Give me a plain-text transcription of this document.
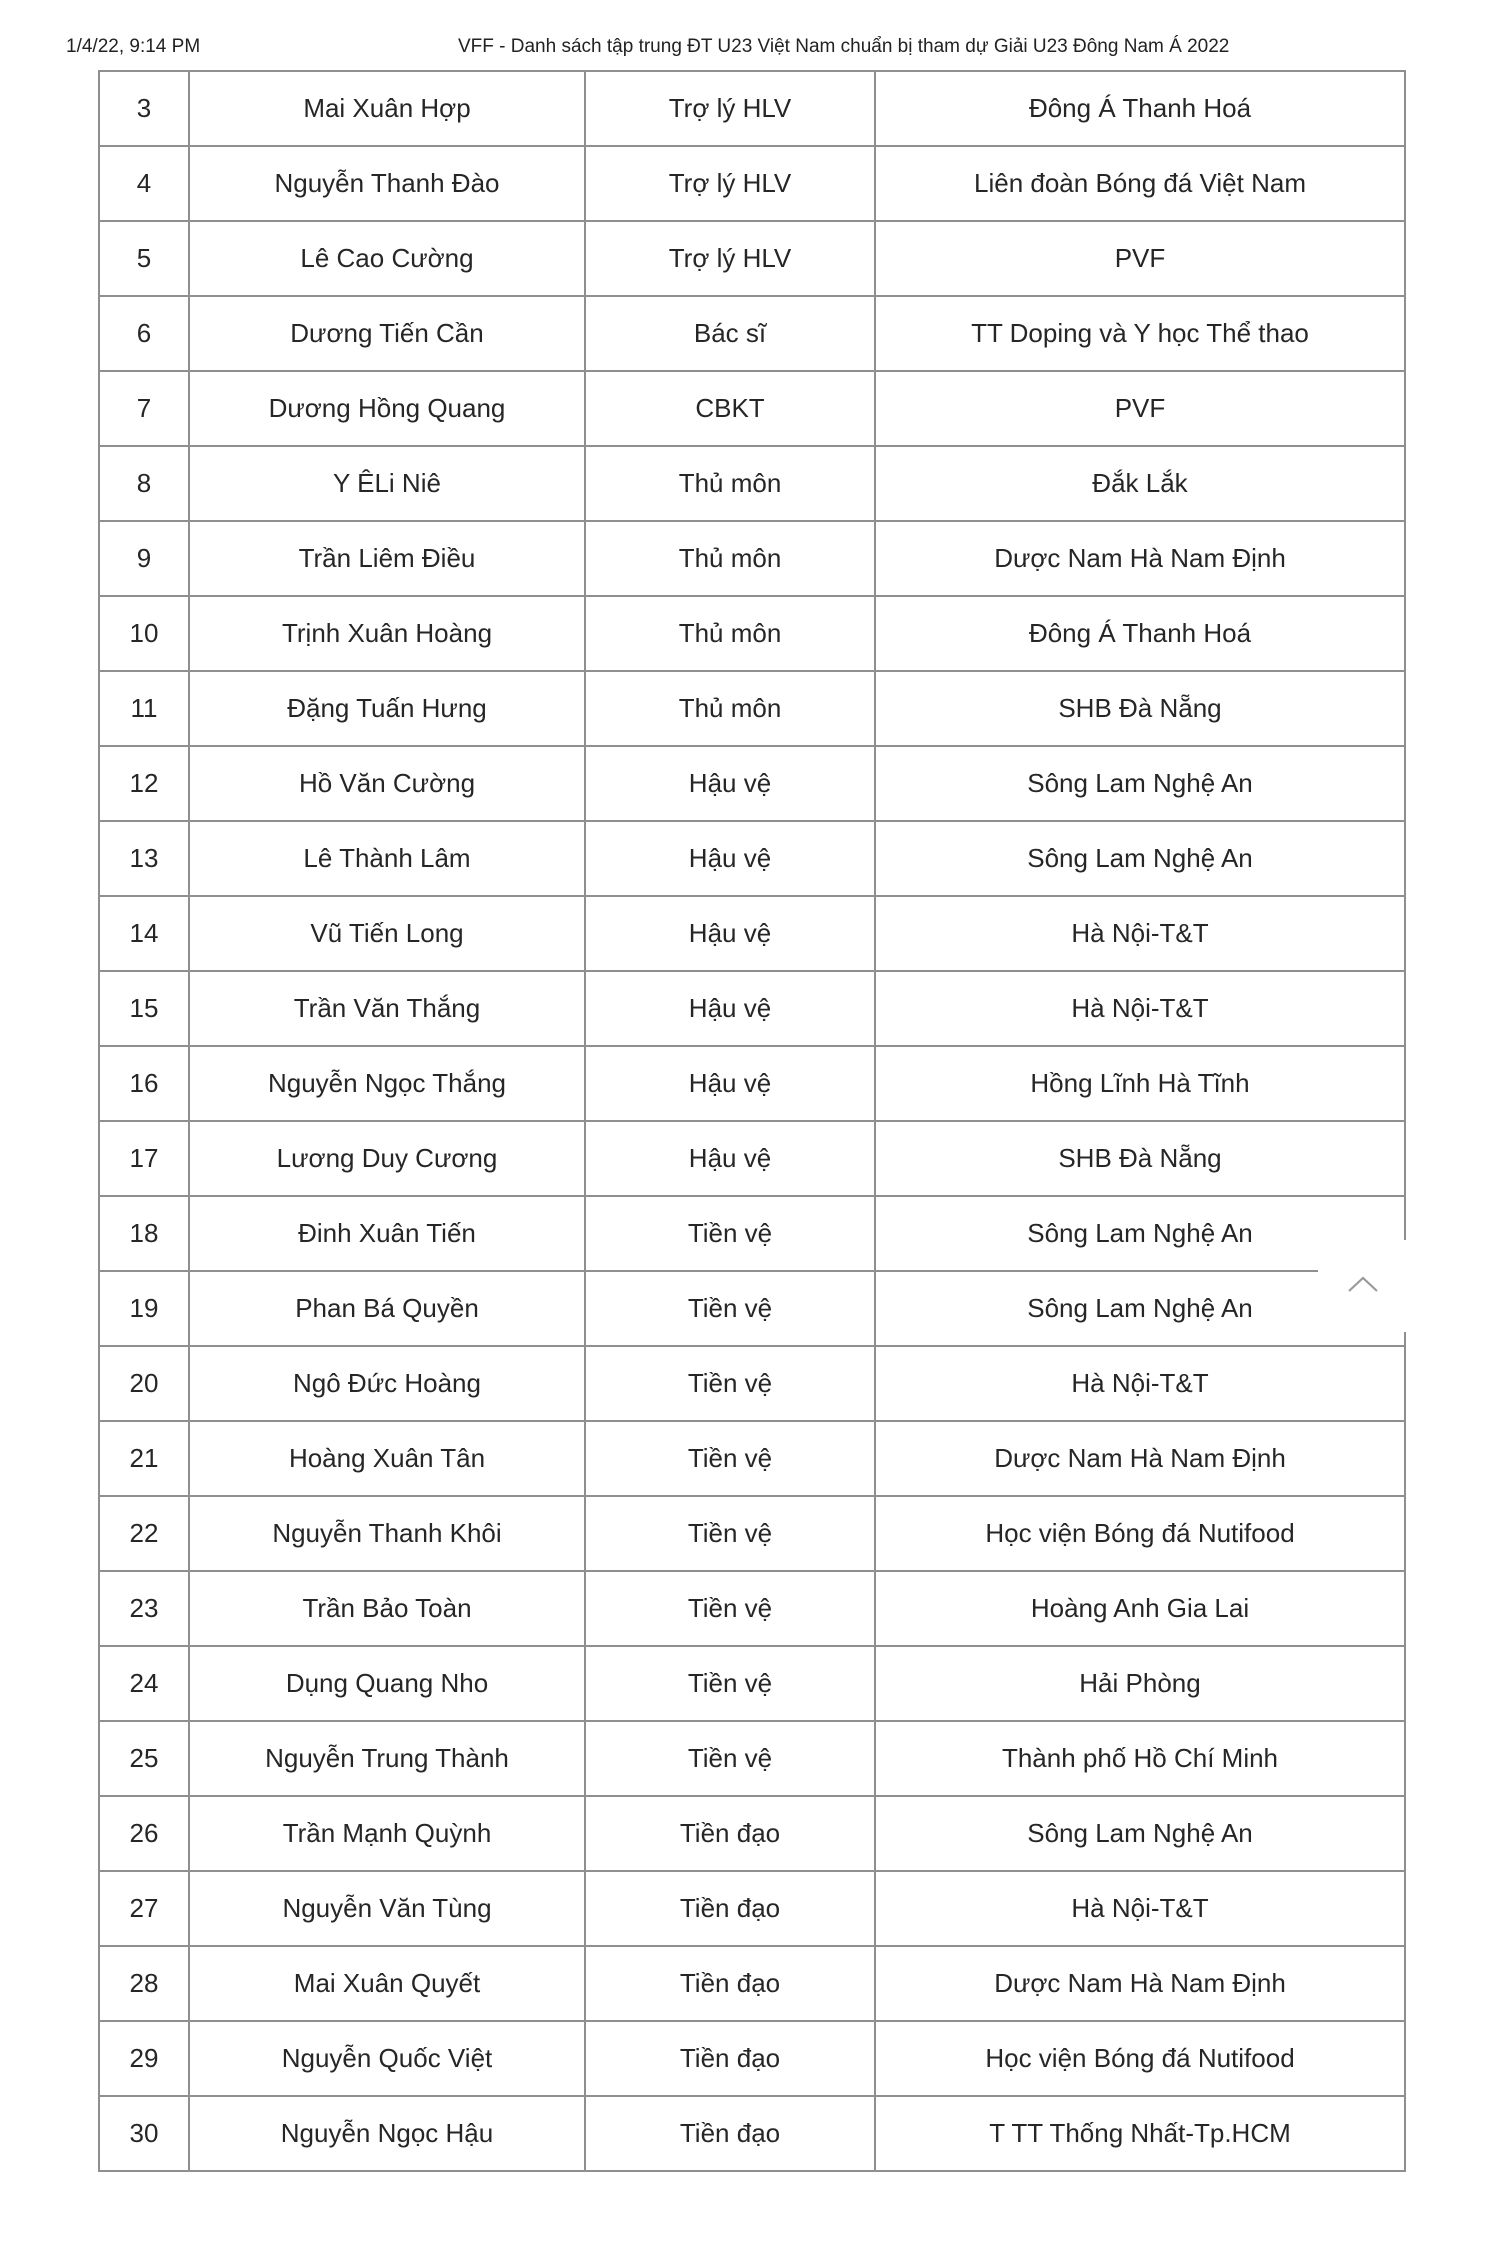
1/4/22, 9:14 PM	VFF - Danh sách tập trung ĐT U23 Việt Nam chuẩn bị tham dự Giải U23 Đông Nam Á 2022
3	Mai Xuân Hợp	Trợ lý HLV	Đông Á Thanh Hoá
4	Nguyễn Thanh Đào	Trợ lý HLV	Liên đoàn Bóng đá Việt Nam
5	Lê Cao Cường	Trợ lý HLV	PVF
6	Dương Tiến Cần	Bác sĩ	TT Doping và Y học Thể thao
7	Dương Hồng Quang	CBKT	PVF
8	Y ÊLi Niê	Thủ môn	Đắk Lắk
9	Trần Liêm Điều	Thủ môn	Dược Nam Hà Nam Định
10	Trịnh Xuân Hoàng	Thủ môn	Đông Á Thanh Hoá
11	Đặng Tuấn Hưng	Thủ môn	SHB Đà Nẵng
12	Hồ Văn Cường	Hậu vệ	Sông Lam Nghệ An
13	Lê Thành Lâm	Hậu vệ	Sông Lam Nghệ An
14	Vũ Tiến Long	Hậu vệ	Hà Nội-T&T
15	Trần Văn Thắng	Hậu vệ	Hà Nội-T&T
16	Nguyễn Ngọc Thắng	Hậu vệ	Hồng Lĩnh Hà Tĩnh
17	Lương Duy Cương	Hậu vệ	SHB Đà Nẵng
18	Đinh Xuân Tiến	Tiền vệ	Sông Lam Nghệ An
19	Phan Bá Quyền	Tiền vệ	Sông Lam Nghệ An
20	Ngô Đức Hoàng	Tiền vệ	Hà Nội-T&T
21	Hoàng Xuân Tân	Tiền vệ	Dược Nam Hà Nam Định
22	Nguyễn Thanh Khôi	Tiền vệ	Học viện Bóng đá Nutifood
23	Trần Bảo Toàn	Tiền vệ	Hoàng Anh Gia Lai
24	Dụng Quang Nho	Tiền vệ	Hải Phòng
25	Nguyễn Trung Thành	Tiền vệ	Thành phố Hồ Chí Minh
26	Trần Mạnh Quỳnh	Tiền đạo	Sông Lam Nghệ An
27	Nguyễn Văn Tùng	Tiền đạo	Hà Nội-T&T
28	Mai Xuân Quyết	Tiền đạo	Dược Nam Hà Nam Định
29	Nguyễn Quốc Việt	Tiền đạo	Học viện Bóng đá Nutifood
30	Nguyễn Ngọc Hậu	Tiền đạo	T TT Thống Nhất-Tp.HCM
